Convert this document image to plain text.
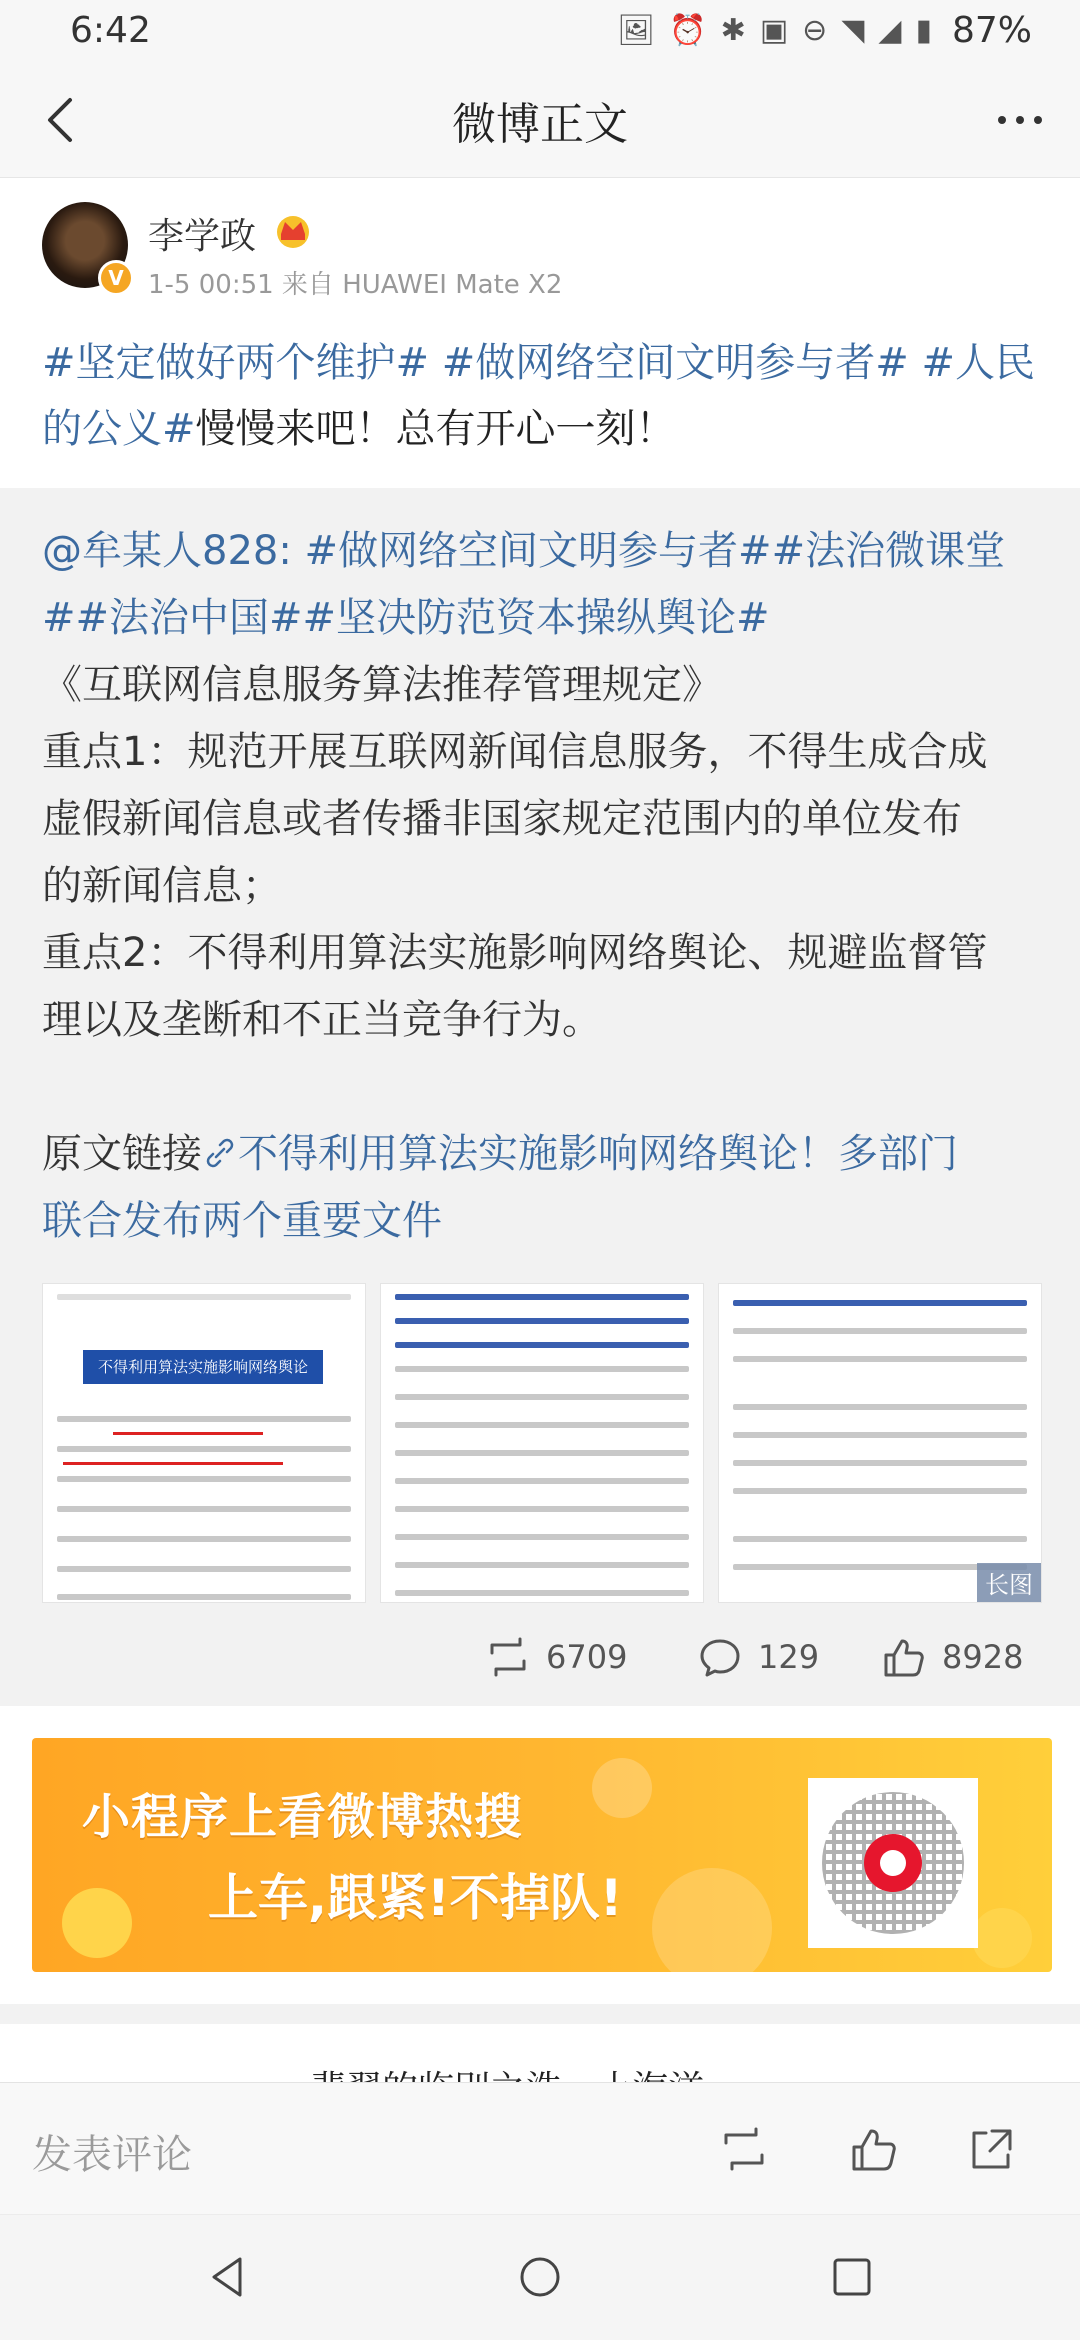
6:42	🖼 ⏰ ✱ ▣ ⊖ ◥ ◢ ▮ 87%
微博正文
V
李学政
1-5 00:51 来自 HUAWEI Mate X2
#坚定做好两个维护# #做网络空间文明参与者# #人民
的公义#慢慢来吧！总有开心一刻！
@牟某人828: #做网络空间文明参与者##法治微课堂
##法治中国##坚决防范资本操纵舆论#
《互联网信息服务算法推荐管理规定》
重点1：规范开展互联网新闻信息服务，不得生成合成
虚假新闻信息或者传播非国家规定范围内的单位发布
的新闻信息；
重点2：不得利用算法实施影响网络舆论、规避监督管
理以及垄断和不正当竞争行为。

原文链接 不得利用算法实施影响网络舆论！多部门
联合发布两个重要文件
不得利用算法实施影响网络舆论
长图
6709	129	8928
小程序上看微博热搜
上车,跟紧!不掉队!
发表评论
